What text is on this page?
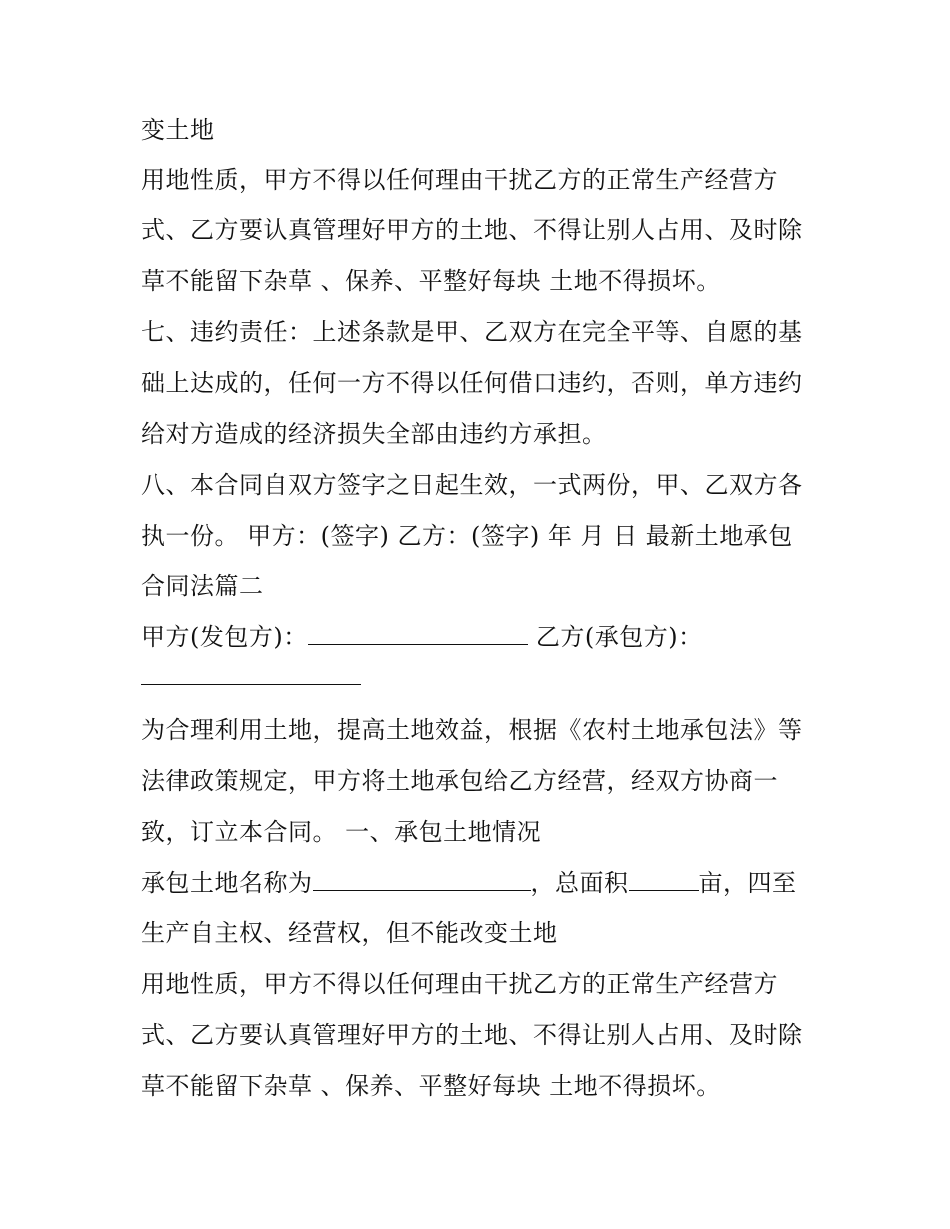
变土地
用地性质，甲方不得以任何理由干扰乙方的正常生产经营方
式、乙方要认真管理好甲方的土地、不得让别人占用、及时除
草不能留下杂草 、保养、平整好每块 土地不得损坏。
七、违约责任：上述条款是甲、乙双方在完全平等、自愿的基
础上达成的，任何一方不得以任何借口违约，否则，单方违约
给对方造成的经济损失全部由违约方承担。
八、本合同自双方签字之日起生效，一式两份，甲、乙双方各
执一份。 甲方：(签字) 乙方：(签字) 年 月 日 最新土地承包
合同法篇二
甲方(发包方)：	乙方(承包方)：
为合理利用土地，提高土地效益，根据《农村土地承包法》等
法律政策规定，甲方将土地承包给乙方经营，经双方协商一
致，订立本合同。 一、承包土地情况
承包土地名称为	，总面积	亩，四至
生产自主权、经营权，但不能改变土地
用地性质，甲方不得以任何理由干扰乙方的正常生产经营方
式、乙方要认真管理好甲方的土地、不得让别人占用、及时除
草不能留下杂草 、保养、平整好每块 土地不得损坏。
